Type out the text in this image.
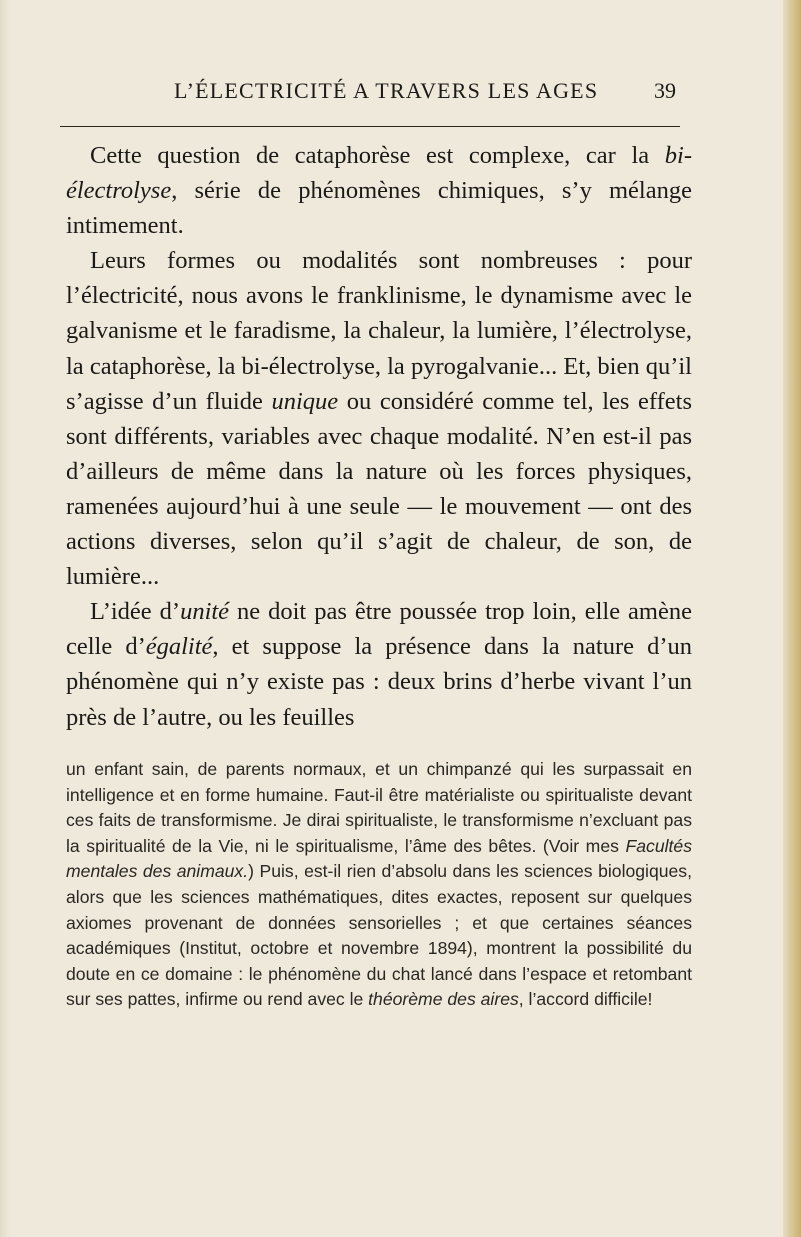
L’ÉLECTRICITÉ A TRAVERS LES AGES	39

Cette question de cataphorèse est complexe, car la bi-électrolyse, série de phénomènes chimiques, s’y mélange intimement.

Leurs formes ou modalités sont nombreuses : pour l’électricité, nous avons le franklinisme, le dynamisme avec le galvanisme et le faradisme, la chaleur, la lumière, l’électrolyse, la cataphorèse, la bi-électrolyse, la pyrogalvanie... Et, bien qu’il s’agisse d’un fluide unique ou considéré comme tel, les effets sont différents, variables avec chaque modalité. N’en est-il pas d’ailleurs de même dans la nature où les forces physiques, ramenées aujourd’hui à une seule — le mouvement — ont des actions diverses, selon qu’il s’agit de chaleur, de son, de lumière...

L’idée d’unité ne doit pas être poussée trop loin, elle amène celle d’égalité, et suppose la présence dans la nature d’un phénomène qui n’y existe pas : deux brins d’herbe vivant l’un près de l’autre, ou les feuilles

un enfant sain, de parents normaux, et un chimpanzé qui les surpassait en intelligence et en forme humaine. Faut-il être matérialiste ou spiritualiste devant ces faits de transformisme. Je dirai spiritualiste, le transformisme n’excluant pas la spiritualité de la Vie, ni le spiritualisme, l’âme des bêtes. (Voir mes Facultés mentales des animaux.) Puis, est-il rien d’absolu dans les sciences biologiques, alors que les sciences mathématiques, dites exactes, reposent sur quelques axiomes provenant de données sensorielles ; et que certaines séances académiques (Institut, octobre et novembre 1894), montrent la possibilité du doute en ce domaine : le phénomène du chat lancé dans l’espace et retombant sur ses pattes, infirme ou rend avec le théorème des aires, l’accord difficile!
